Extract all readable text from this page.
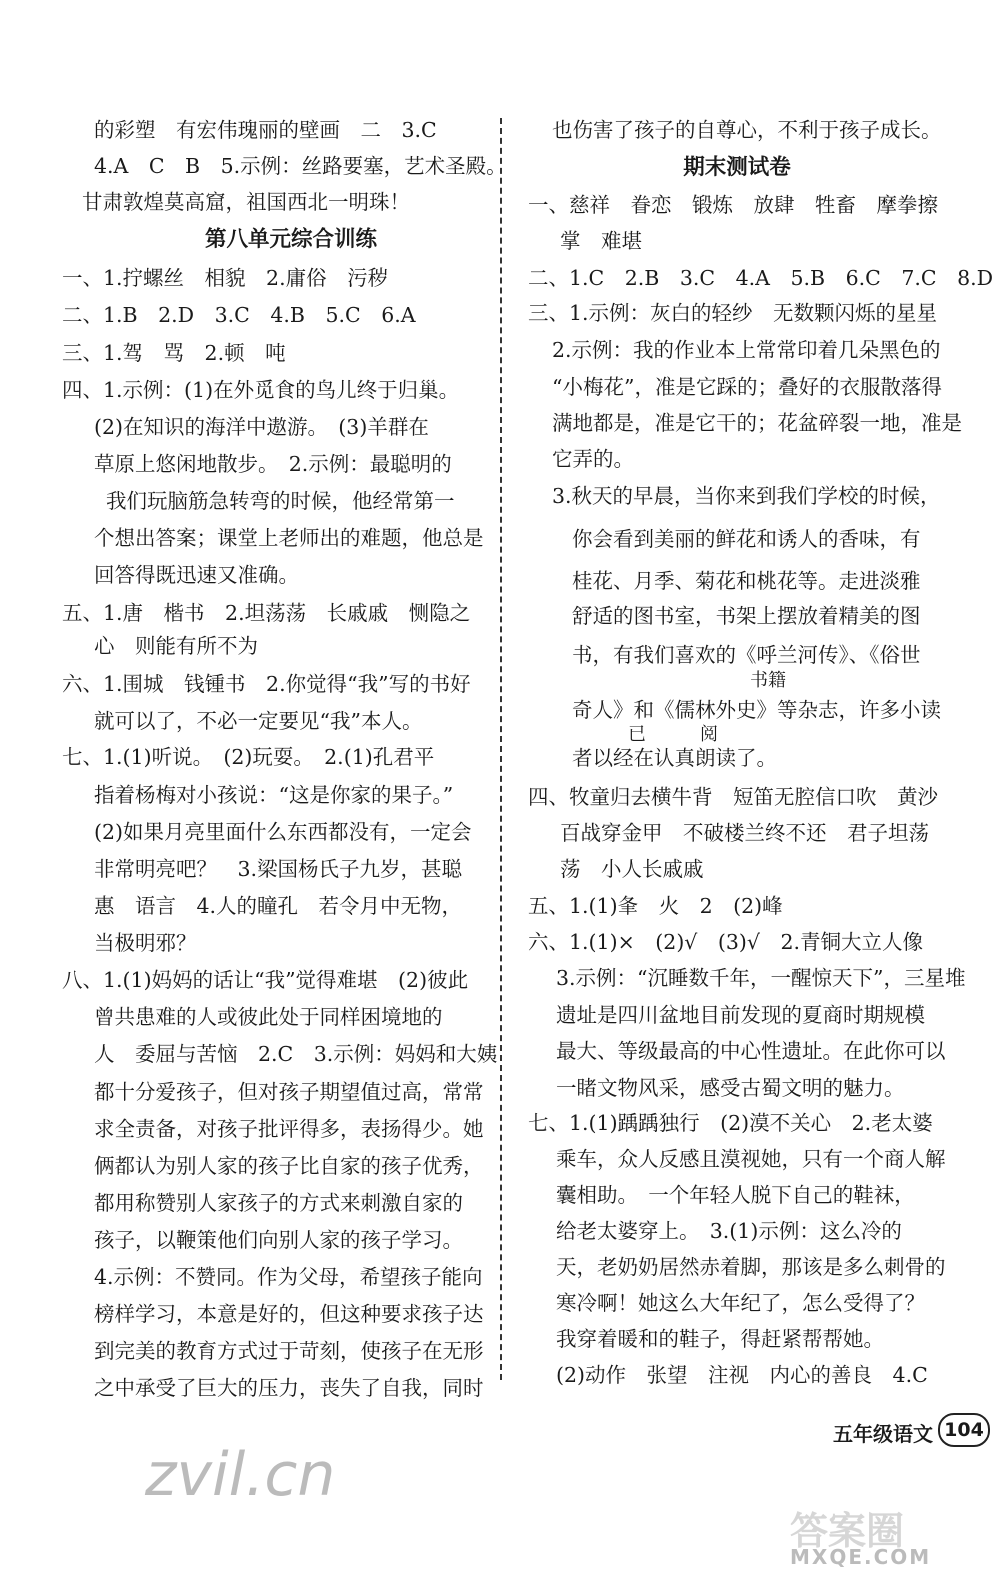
的彩塑　有宏伟瑰丽的壁画　二　3.C
4.A　C　B　5.示例：丝路要塞，艺术圣殿。
甘肃敦煌莫高窟，祖国西北一明珠！
第八单元综合训练
一、1.拧螺丝　相貌　2.庸俗　污秽
二、1.B　2.D　3.C　4.B　5.C　6.A
三、1.驾　骂　2.顿　吨
四、1.示例：(1)在外觅食的鸟儿终于归巢。
(2)在知识的海洋中遨游。　(3)羊群在
草原上悠闲地散步。　2.示例：最聪明的
我们玩脑筋急转弯的时候，他经常第一
个想出答案；课堂上老师出的难题，他总是
回答得既迅速又准确。
五、1.唐　楷书　2.坦荡荡　长戚戚　恻隐之
心　则能有所不为
六、1.围城　钱锺书　2.你觉得“我”写的书好
就可以了，不必一定要见“我”本人。
七、1.(1)听说。　(2)玩耍。　2.(1)孔君平
指着杨梅对小孩说：“这是你家的果子。”
(2)如果月亮里面什么东西都没有，一定会
非常明亮吧？　3.梁国杨氏子九岁，甚聪
惠　语言　4.人的瞳孔　若令月中无物，
当极明邪？
八、1.(1)妈妈的话让“我”觉得难堪　(2)彼此
曾共患难的人或彼此处于同样困境地的
人　委屈与苦恼　2.C　3.示例：妈妈和大姨
都十分爱孩子，但对孩子期望值过高，常常
求全责备，对孩子批评得多，表扬得少。她
俩都认为别人家的孩子比自家的孩子优秀，
都用称赞别人家孩子的方式来刺激自家的
孩子，以鞭策他们向别人家的孩子学习。
4.示例：不赞同。作为父母，希望孩子能向
榜样学习，本意是好的，但这种要求孩子达
到完美的教育方式过于苛刻，使孩子在无形
之中承受了巨大的压力，丧失了自我，同时
也伤害了孩子的自尊心，不利于孩子成长。
期末测试卷
一、慈祥　眷恋　锻炼　放肆　牲畜　摩拳擦
掌　难堪
二、1.C　2.B　3.C　4.A　5.B　6.C　7.C　8.D
三、1.示例：灰白的轻纱　无数颗闪烁的星星
2.示例：我的作业本上常常印着几朵黑色的
“小梅花”，准是它踩的；叠好的衣服散落得
满地都是，准是它干的；花盆碎裂一地，准是
它弄的。
3.秋天的早晨，当你来到我们学校的时候，
你会看到美丽的鲜花和诱人的香味，有
桂花、月季、菊花和桃花等。走进淡雅
舒适的图书室，书架上摆放着精美的图
书，有我们喜欢的《呼兰河传》、《俗世
书籍
奇人》和《儒林外史》等杂志，许多小读
已　　　阅
者以经在认真朗读了。
四、牧童归去横牛背　短笛无腔信口吹　黄沙
百战穿金甲　不破楼兰终不还　君子坦荡
荡　小人长戚戚
五、1.(1)夆　火　2　(2)峰
六、1.(1)×　(2)√　(3)√　2.青铜大立人像
3.示例：“沉睡数千年，一醒惊天下”，三星堆
遗址是四川盆地目前发现的夏商时期规模
最大、等级最高的中心性遗址。在此你可以
一睹文物风采，感受古蜀文明的魅力。
七、1.(1)踽踽独行　(2)漠不关心　2.老太婆
乘车，众人反感且漠视她，只有一个商人解
囊相助。　一个年轻人脱下自己的鞋袜，
给老太婆穿上。　3.(1)示例：这么冷的
天，老奶奶居然赤着脚，那该是多么刺骨的
寒冷啊！她这么大年纪了，怎么受得了？
我穿着暖和的鞋子，得赶紧帮帮她。
(2)动作　张望　注视　内心的善良　4.C
五年级语文 104
zvil.cn
答案圈
MXQE.COM
